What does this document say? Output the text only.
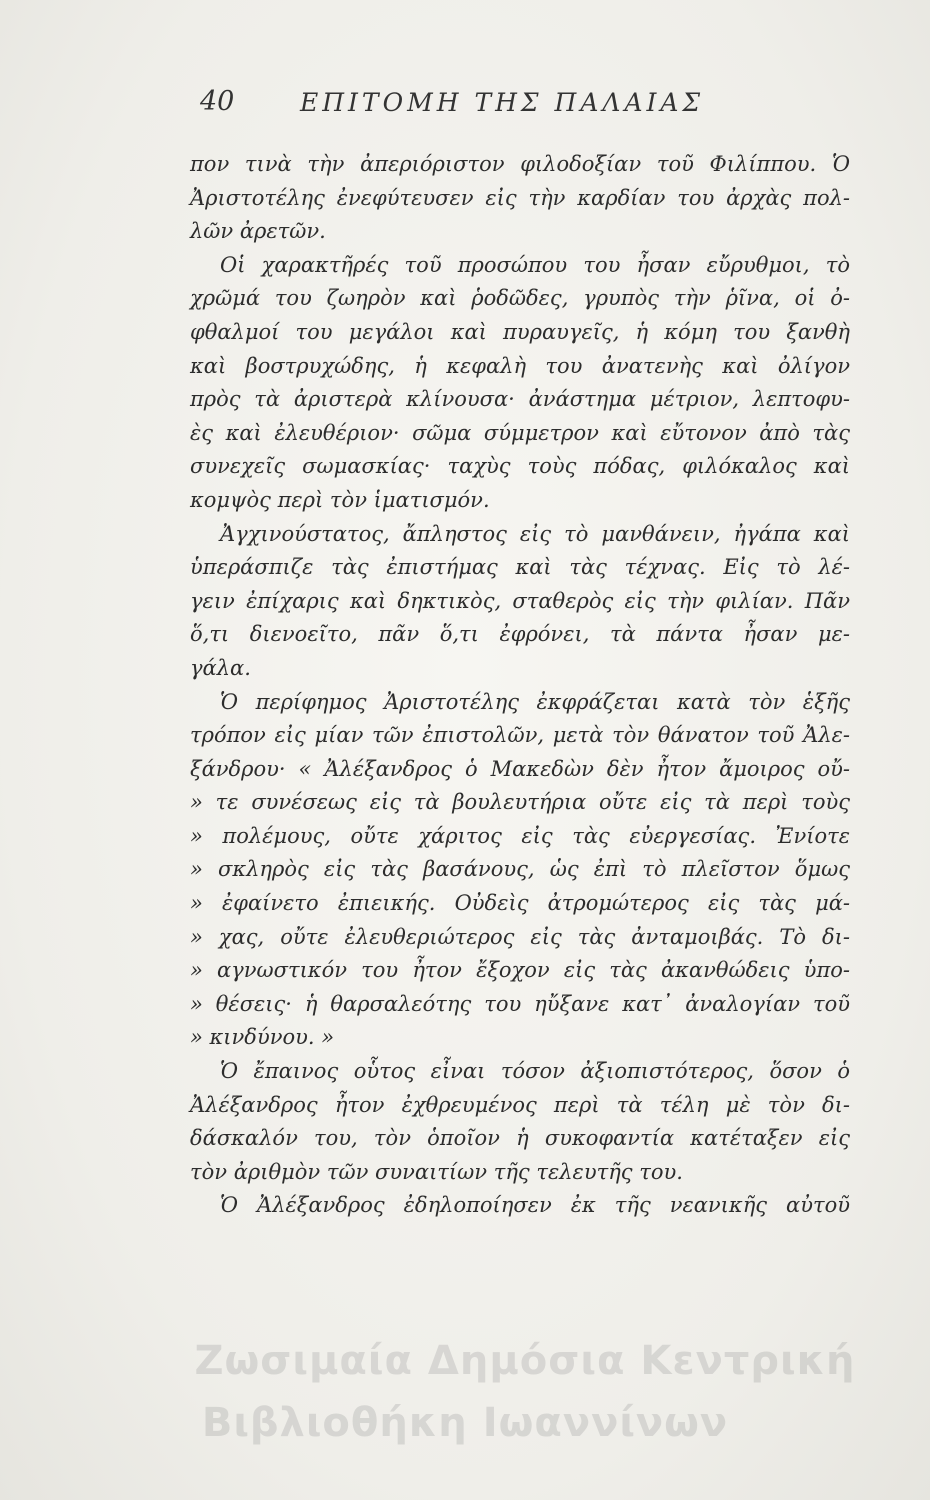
40	ΕΠΙΤΟΜΗ ΤΗΣ ΠΑΛΑΙΑΣ
πον τινὰ τὴν ἀπεριόριστον φιλοδοξίαν τοῦ Φιλίππου. Ὁ
Ἀριστοτέλης ἐνεφύτευσεν εἰς τὴν καρδίαν του ἀρχὰς πολ-
λῶν ἀρετῶν.
Οἱ χαρακτῆρές τοῦ προσώπου του ἦσαν εὔρυθμοι, τὸ
χρῶμά του ζωηρὸν καὶ ῥοδῶδες, γρυπὸς τὴν ῥῖνα, οἱ ὀ-
φθαλμοί του μεγάλοι καὶ πυραυγεῖς, ἡ κόμη του ξανθὴ
καὶ βοστρυχώδης, ἡ κεφαλὴ του ἀνατενὴς καὶ ὀλίγον
πρὸς τὰ ἀριστερὰ κλίνουσα· ἀνάστημα μέτριον, λεπτοφυ-
ὲς καὶ ἐλευθέριον· σῶμα σύμμετρον καὶ εὔτονον ἀπὸ τὰς
συνεχεῖς σωμασκίας· ταχὺς τοὺς πόδας, φιλόκαλος καὶ
κομψὸς περὶ τὸν ἱματισμόν.
Ἀγχινούστατος, ἄπληστος εἰς τὸ μανθάνειν, ἠγάπα καὶ
ὑπεράσπιζε τὰς ἐπιστήμας καὶ τὰς τέχνας. Εἰς τὸ λέ-
γειν ἐπίχαρις καὶ δηκτικὸς, σταθερὸς εἰς τὴν φιλίαν. Πᾶν
ὅ,τι διενοεῖτο, πᾶν ὅ,τι ἐφρόνει, τὰ πάντα ἦσαν με-
γάλα.
Ὁ περίφημος Ἀριστοτέλης ἐκφράζεται κατὰ τὸν ἑξῆς
τρόπον εἰς μίαν τῶν ἐπιστολῶν, μετὰ τὸν θάνατον τοῦ Ἀλε-
ξάνδρου· « Ἀλέξανδρος ὁ Μακεδὼν δὲν ἦτον ἄμοιρος οὔ-
» τε συνέσεως εἰς τὰ βουλευτήρια οὔτε εἰς τὰ περὶ τοὺς
» πολέμους, οὔτε χάριτος εἰς τὰς εὐεργεσίας. Ἐνίοτε
» σκληρὸς εἰς τὰς βασάνους, ὡς ἐπὶ τὸ πλεῖστον ὅμως
» ἐφαίνετο ἐπιεικής. Οὐδεὶς ἀτρομώτερος εἰς τὰς μά-
» χας, οὔτε ἐλευθεριώτερος εἰς τὰς ἀνταμοιβάς. Τὸ δι-
» αγνωστικόν του ἦτον ἔξοχον εἰς τὰς ἀκανθώδεις ὑπο-
» θέσεις· ἡ θαρσαλεότης του ηὔξανε κατ᾽ ἀναλογίαν τοῦ
» κινδύνου. »
Ὁ ἔπαινος οὗτος εἶναι τόσον ἀξιοπιστότερος, ὅσον ὁ
Ἀλέξανδρος ἦτον ἐχθρευμένος περὶ τὰ τέλη μὲ τὸν δι-
δάσκαλόν του, τὸν ὁποῖον ἡ συκοφαντία κατέταξεν εἰς
τὸν ἀριθμὸν τῶν συναιτίων τῆς τελευτῆς του.
Ὁ Ἀλέξανδρος ἐδηλοποίησεν ἐκ τῆς νεανικῆς αὐτοῦ
Ζωσιμαία Δημόσια Κεντρική
Βιβλιοθήκη Ιωαννίνων
